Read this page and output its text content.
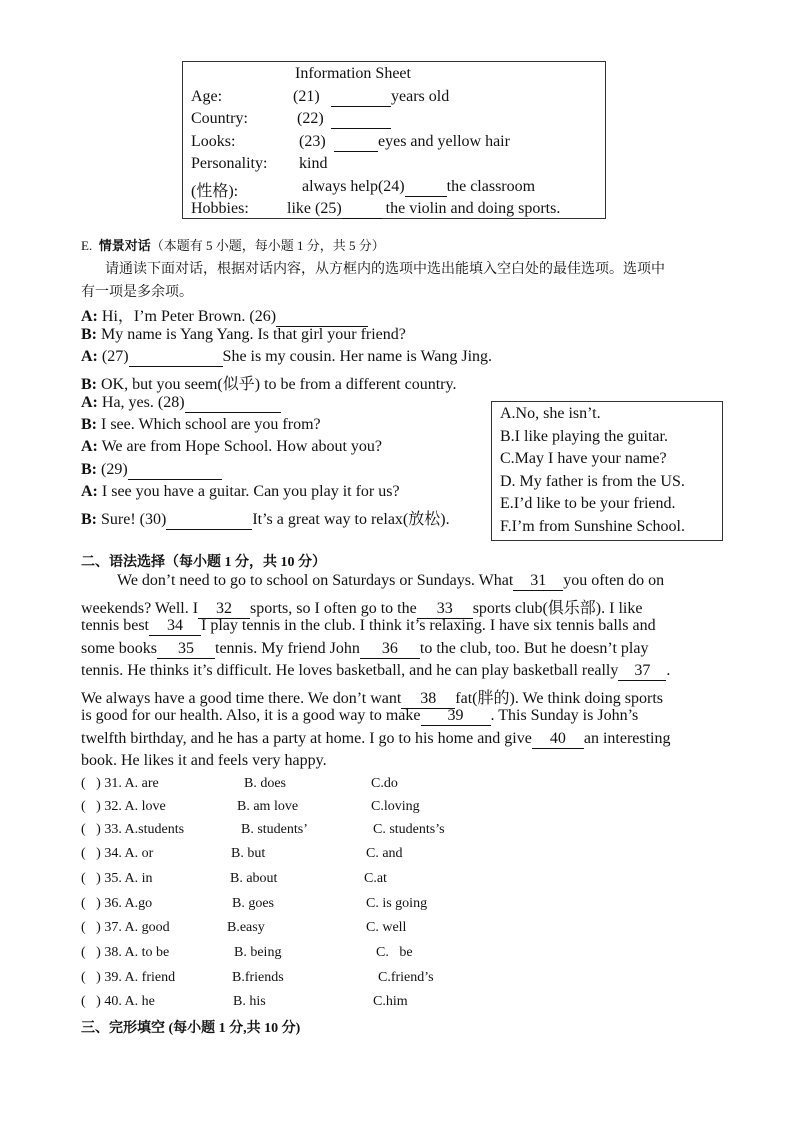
Information Sheet
Age:	(21)	years old
Country:	(22)

Looks:	(23)	eyes and yellow hair
Personality: kind
(性格):	always help(24)	the classroom
Hobbies: like (25)	the violin and doing sports.
E. 情景对话（本题有 5 小题，每小题 1 分，共 5 分）
请通读下面对话，根据对话内容，从方框内的选项中选出能填入空白处的最佳选项。选项中
有一项是多余项。
A: Hi，I’m Peter Brown. (26)
B: My name is Yang Yang. Is that girl your friend?
A: (27)	She is my cousin. Her name is Wang Jing.
B: OK, but you seem(似乎) to be from a different country.
A: Ha, yes. (28)
B: I see. Which school are you from?
A: We are from Hope School. How about you?
B: (29)
A: I see you have a guitar. Can you play it for us?
B: Sure! (30)	It’s a great way to relax(放松).
A.No, she isn’t.
B.I like playing the guitar.
C.May I have your name?
D. My father is from the US.
E.I’d like to be your friend.
F.I’m from Sunshine School.
二、语法选择（每小题 1 分，共 10 分）
We don’t need to go to school on Saturdays or Sundays. What 31 you often do on
weekends? Well. I 32 sports, so I often go to the 33 sports club(俱乐部). I like
tennis best 34 I play tennis in the club. I think it’s relaxing. I have six tennis balls and
some books 35 tennis. My friend John 36 to the club, too. But he doesn’t play
tennis. He thinks it’s difficult. He loves basketball, and he can play basketball really 37 .
We always have a good time there. We don’t want 38 fat(胖的). We think doing sports
is good for our health. Also, it is a good way to make 39 . This Sunday is John’s
twelfth birthday, and he has a party at home. I go to his home and give 40 an interesting
book. He likes it and feels very happy.
(   ) 31. A. are	B. does	C.do
(   ) 32. A. love	B. am love	C.loving
(   ) 33. A.students	B. students’	C. students’s
(   ) 34. A. or	B. but	C. and
(   ) 35. A. in	B. about	C.at
(   ) 36. A.go	B. goes	C. is going
(   ) 37. A. good	B.easy	C. well
(   ) 38. A. to be	B. being	C.   be
(   ) 39. A. friend	B.friends	C.friend’s
(   ) 40. A. he	B. his	C.him
三、完形填空 (每小题 1 分,共 10 分)
